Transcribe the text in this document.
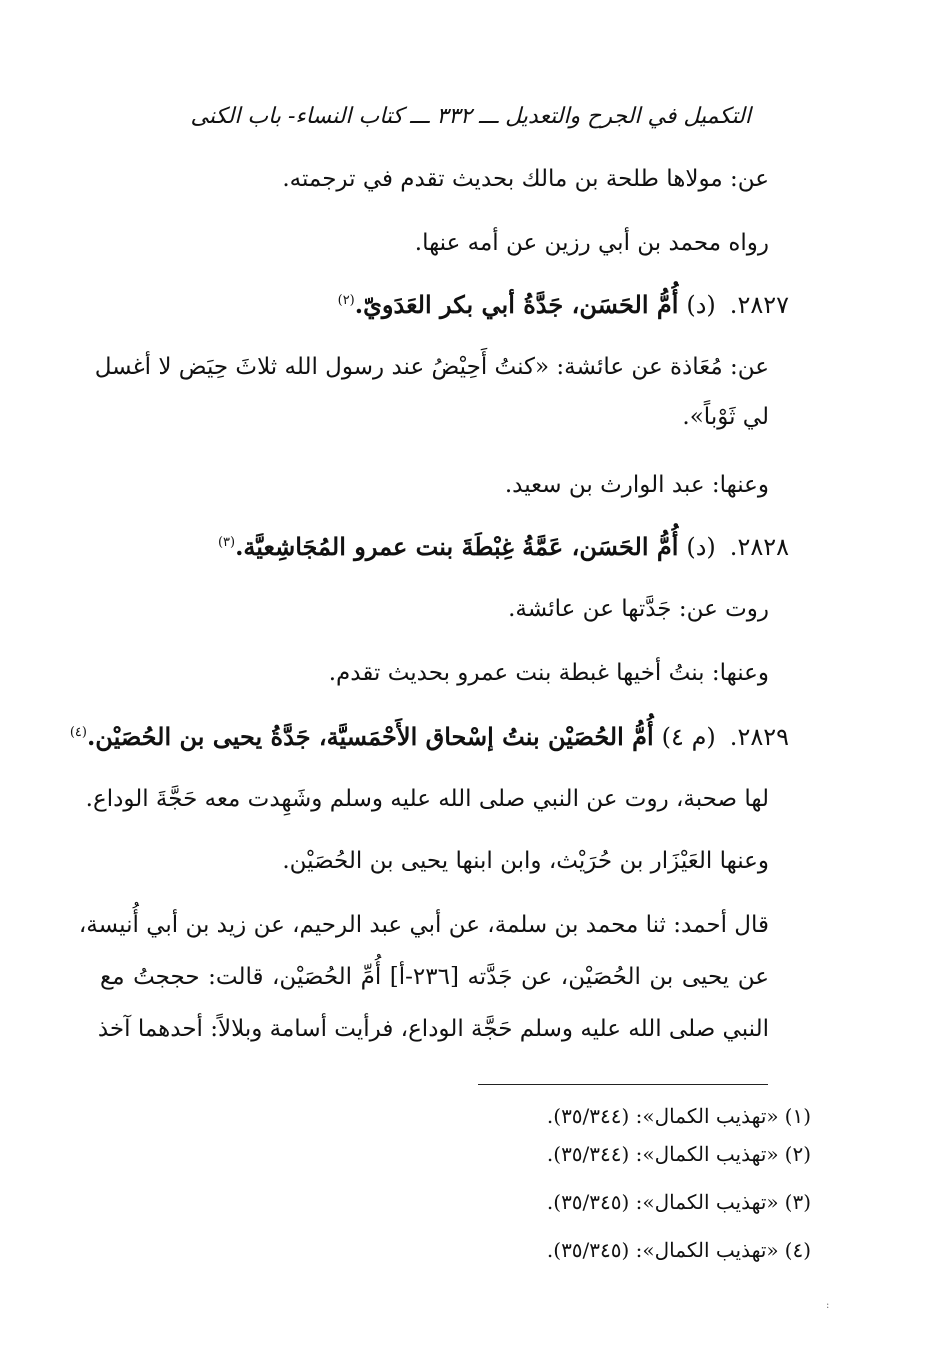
التكميل في الجرح والتعديل ـــ ٣٣٢ ـــ كتاب النساء- باب الكنى
عن: مولاها طلحة بن مالك بحديث تقدم في ترجمته.
رواه محمد بن أبي رزين عن أمه عنها.
٢٨٢٧.(د)أُمُّ الحَسَن، جَدَّةُ أبي بكر العَدَويّ.$^{(٢)}$
عن: مُعَاذة عن عائشة: «كنتُ أَحِيْضُ عند رسول الله ثلاثَ حِيَض لا أغسل
لي ثَوْباً».
وعنها: عبد الوارث بن سعيد.
٢٨٢٨.(د)أُمُّ الحَسَن، عَمَّةُ غِبْطَةَ بنت عمرو المُجَاشِعيَّة.$^{(٣)}$
روت عن: جَدَّتها عن عائشة.
وعنها: بنتُ أخيها غبطة بنت عمرو بحديث تقدم.
٢٨٢٩.(م ٤)أُمُّ الحُصَيْن بنتُ إسْحاق الأَحْمَسيَّة، جَدَّةُ يحيى بن الحُصَيْن.$^{(٤)}$
لها صحبة، روت عن النبي صلى الله عليه وسلم وشَهِدت معه حَجَّةَ الوداع.
وعنها العَيْزَار بن حُرَيْث، وابن ابنها يحيى بن الحُصَيْن.
قال أحمد: ثنا محمد بن سلمة، عن أبي عبد الرحيم، عن زيد بن أبي أُنيسة،
عن يحيى بن الحُصَيْن، عن جَدَّته [٢٣٦-أ] أُمِّ الحُصَيْن، قالت: حججتُ مع
النبي صلى الله عليه وسلم حَجَّة الوداع، فرأيت أسامة وبلالاً: أحدهما آخذ
(١)«تهذيب الكمال»: (٣٥/٣٤٤).
(٢)«تهذيب الكمال»: (٣٥/٣٤٤).
(٣)«تهذيب الكمال»: (٣٥/٣٤٥).
(٤)«تهذيب الكمال»: (٣٥/٣٤٥).
:
